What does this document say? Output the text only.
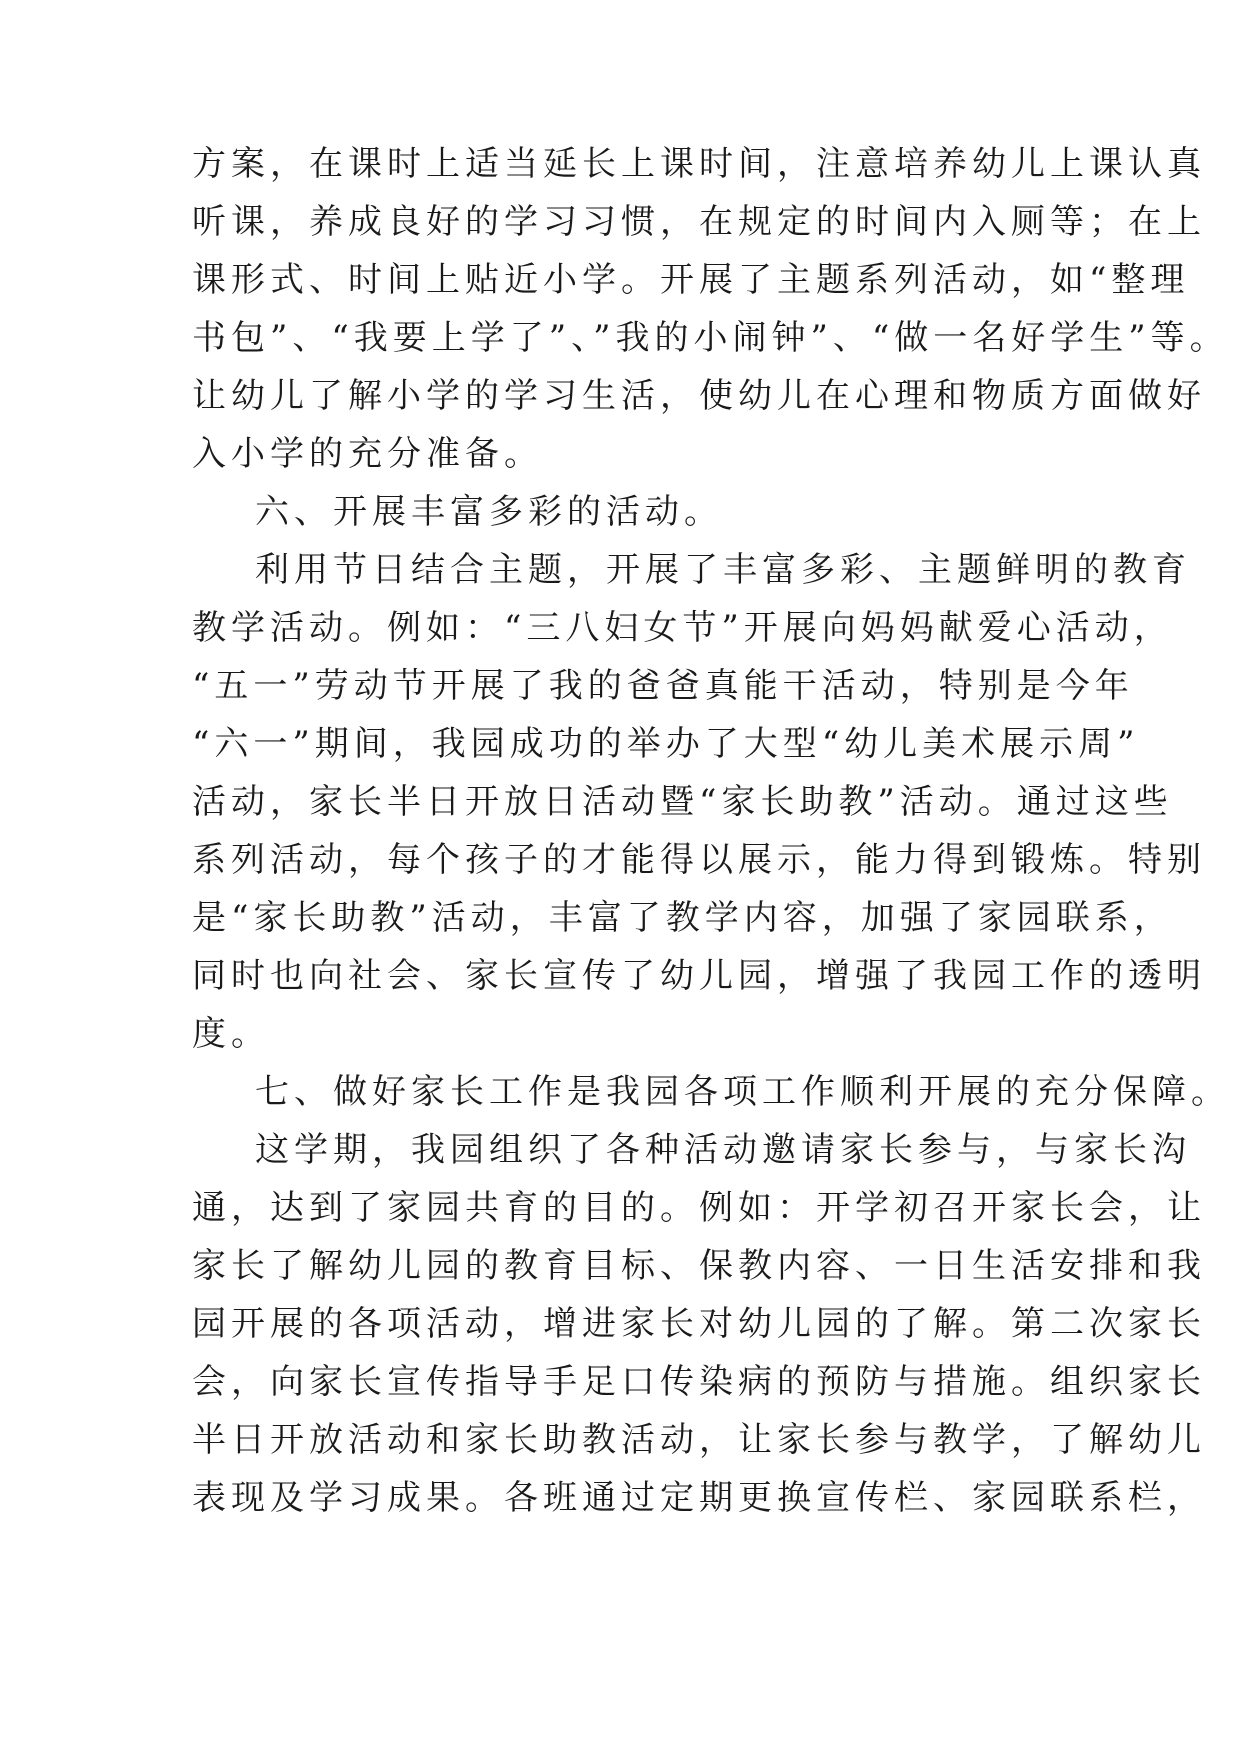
方案，在课时上适当延长上课时间，注意培养幼儿上课认真
听课，养成良好的学习习惯，在规定的时间内入厕等；在上
课形式、时间上贴近小学。开展了主题系列活动，如“整理
书包”、“我要上学了”、”我的小闹钟”、“做一名好学生”等。
让幼儿了解小学的学习生活，使幼儿在心理和物质方面做好
入小学的充分准备。
六、开展丰富多彩的活动。
利用节日结合主题，开展了丰富多彩、主题鲜明的教育
教学活动。例如：“三八妇女节”开展向妈妈献爱心活动，
“五一”劳动节开展了我的爸爸真能干活动，特别是今年
“六一”期间，我园成功的举办了大型“幼儿美术展示周”
活动，家长半日开放日活动暨“家长助教”活动。通过这些
系列活动，每个孩子的才能得以展示，能力得到锻炼。特别
是“家长助教”活动，丰富了教学内容，加强了家园联系，
同时也向社会、家长宣传了幼儿园，增强了我园工作的透明
度。
七、做好家长工作是我园各项工作顺利开展的充分保障。
这学期，我园组织了各种活动邀请家长参与，与家长沟
通，达到了家园共育的目的。例如：开学初召开家长会，让
家长了解幼儿园的教育目标、保教内容、一日生活安排和我
园开展的各项活动，增进家长对幼儿园的了解。第二次家长
会，向家长宣传指导手足口传染病的预防与措施。组织家长
半日开放活动和家长助教活动，让家长参与教学，了解幼儿
表现及学习成果。各班通过定期更换宣传栏、家园联系栏，
